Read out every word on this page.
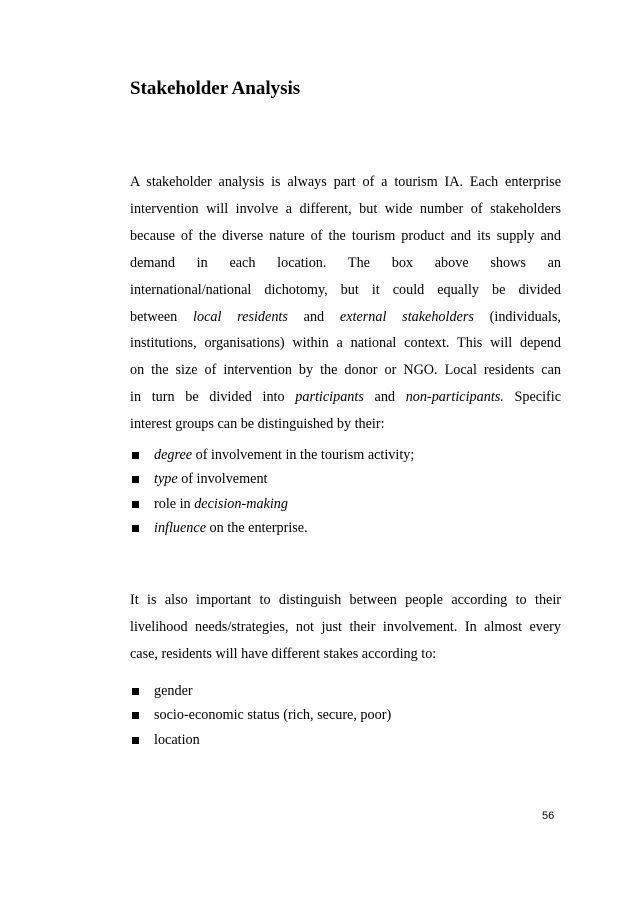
Stakeholder Analysis
A stakeholder analysis is always part of a tourism IA. Each enterprise
intervention will involve a different, but wide number of stakeholders
because of the diverse nature of the tourism product and its supply and
demand in each location. The box above shows an
international/national dichotomy, but it could equally be divided
between local residents and external stakeholders (individuals,
institutions, organisations) within a national context. This will depend
on the size of intervention by the donor or NGO. Local residents can
in turn be divided into participants and non-participants. Specific
interest groups can be distinguished by their:
degree of involvement in the tourism activity;
type of involvement
role in decision-making
influence on the enterprise.
It is also important to distinguish between people according to their
livelihood needs/strategies, not just their involvement. In almost every
case, residents will have different stakes according to:
gender
socio-economic status (rich, secure, poor)
location
56
